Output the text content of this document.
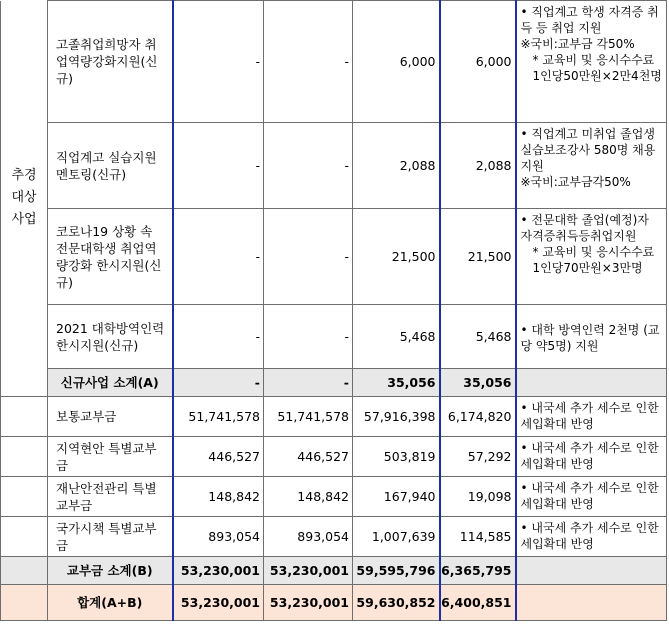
추경
대상
사업	고졸취업희망자 취업역량강화지원(신규)	-	-	6,000	6,000	• 직업계고 학생 자격증 취득 등 취업 지원
※국비:교부금 각50%
* 교육비 및 응시수수료 1인당50만원×2만4천명

	직업계고 실습지원 멘토링(신규)	-	-	2,088	2,088	• 직업계고 미취업 졸업생 실습보조강사 580명 채용 지원
※국비:교부금각50%

	코로나19 상황 속 전문대학생 취업역량강화 한시지원(신규)	-	-	21,500	21,500	• 전문대학 졸업(예정)자 자격증취득등취업지원
* 교육비 및 응시수수료 1인당70만원×3만명

	2021 대학방역인력 한시지원(신규)	-	-	5,468	5,468	• 대학 방역인력 2천명 (교당 약5명) 지원

	신규사업 소계(A)	-	-	35,056	35,056	
	보통교부금	51,741,578	51,741,578	57,916,398	6,174,820	• 내국세 추가 세수로 인한 세입확대 반영

	지역현안 특별교부금	446,527	446,527	503,819	57,292	• 내국세 추가 세수로 인한 세입확대 반영

	재난안전관리 특별교부금	148,842	148,842	167,940	19,098	• 내국세 추가 세수로 인한 세입확대 반영

	국가시책 특별교부금	893,054	893,054	1,007,639	114,585	• 내국세 추가 세수로 인한 세입확대 반영

	교부금 소계(B)	53,230,001	53,230,001	59,595,796	6,365,795	
	합계(A+B)	53,230,001	53,230,001	59,630,852	6,400,851	
